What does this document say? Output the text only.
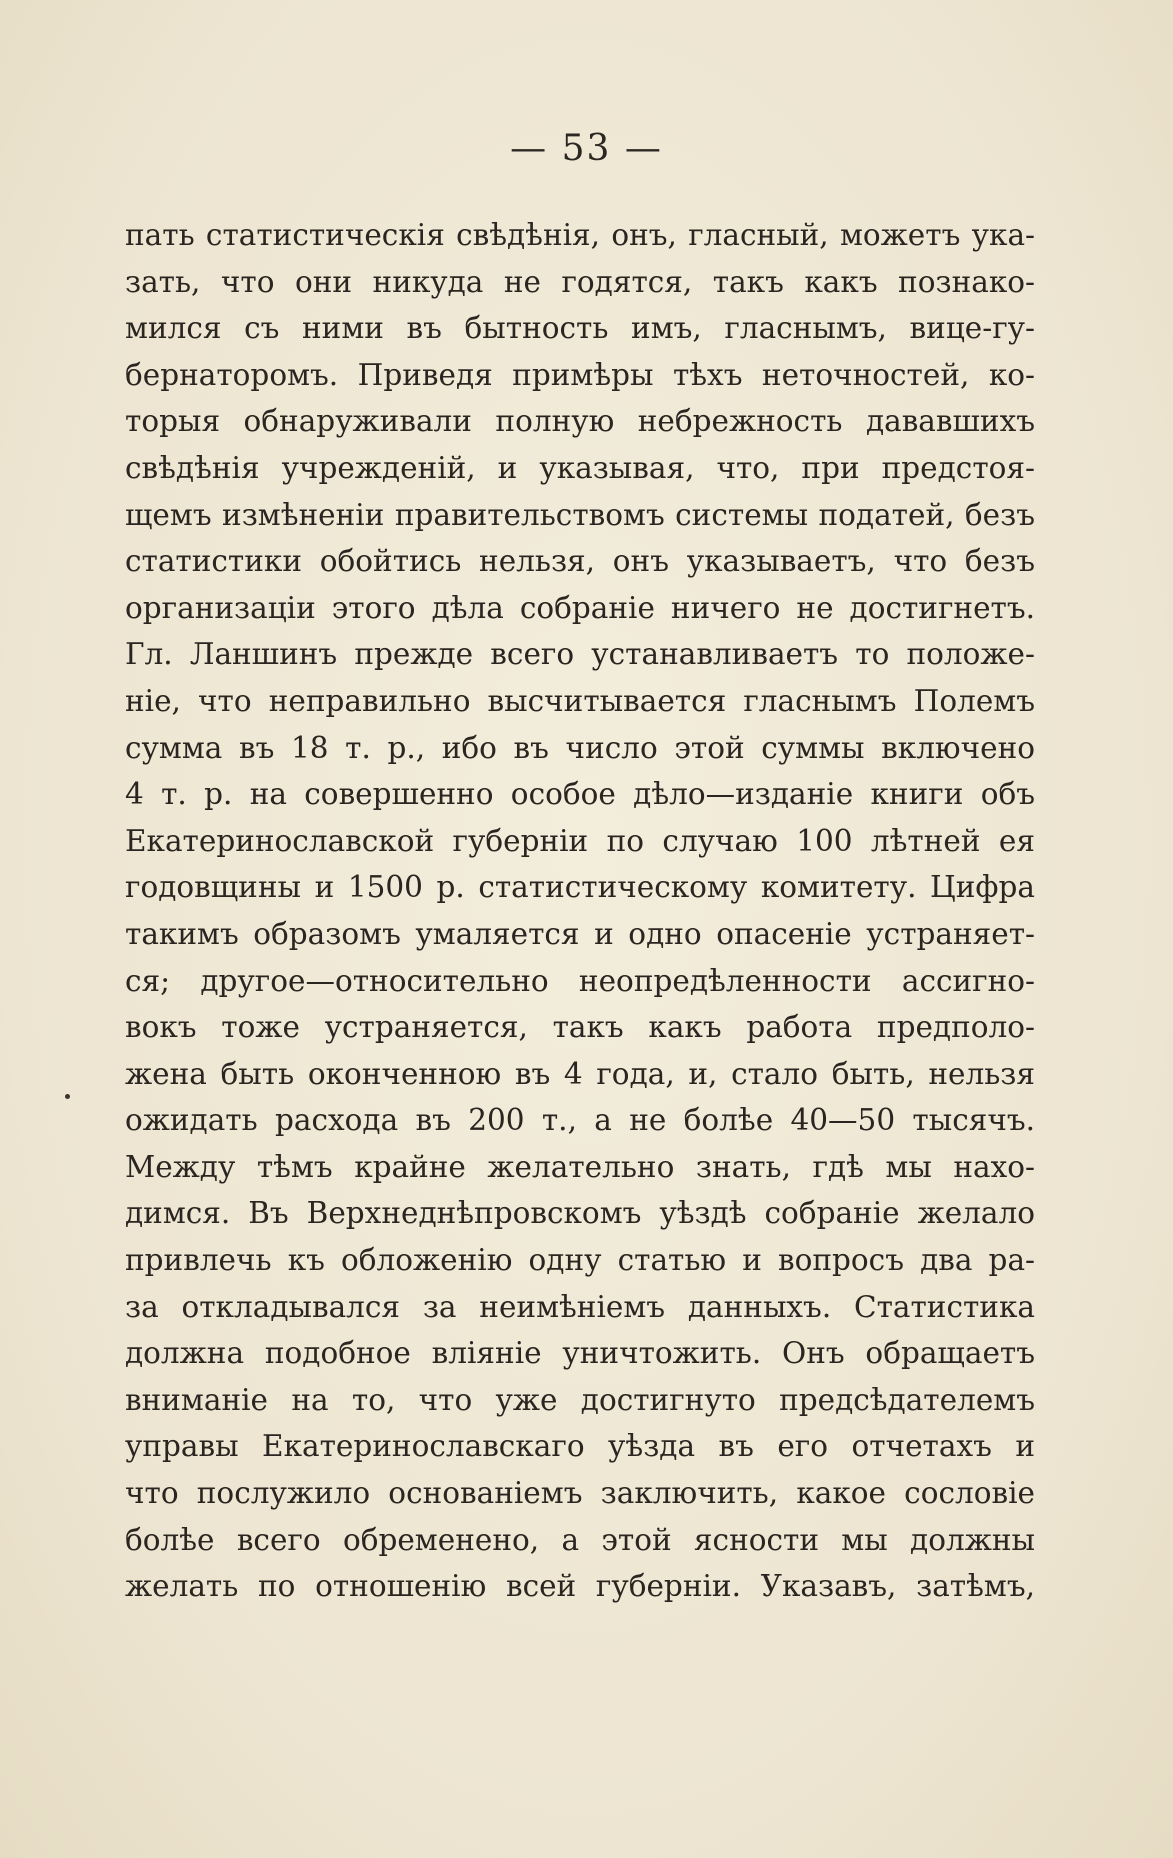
— 53 —
пать статистическія свѣдѣнія, онъ, гласный, можетъ ука-
зать, что они никуда не годятся, такъ какъ познако-
мился съ ними въ бытность имъ, гласнымъ, вице-гу-
бернаторомъ. Приведя примѣры тѣхъ неточностей, ко-
торыя обнаруживали полную небрежность дававшихъ
свѣдѣнія учрежденій, и указывая, что, при предстоя-
щемъ измѣненіи правительствомъ системы податей, безъ
статистики обойтись нельзя, онъ указываетъ, что безъ
организаціи этого дѣла собраніе ничего не достигнетъ.
Гл. Ланшинъ прежде всего устанавливаетъ то положе-
ніе, что неправильно высчитывается гласнымъ Полемъ
сумма въ 18 т. р., ибо въ число этой суммы включено
4 т. р. на совершенно особое дѣло—изданіе книги объ
Екатеринославской губерніи по случаю 100 лѣтней ея
годовщины и 1500 р. статистическому комитету. Цифра
такимъ образомъ умаляется и одно опасеніе устраняет-
ся; другое—относительно неопредѣленности ассигно-
вокъ тоже устраняется, такъ какъ работа предполо-
жена быть оконченною въ 4 года, и, стало быть, нельзя
ожидать расхода въ 200 т., а не болѣе 40—50 тысячъ.
Между тѣмъ крайне желательно знать, гдѣ мы нахо-
димся. Въ Верхнеднѣпровскомъ уѣздѣ собраніе желало
привлечь къ обложенію одну статью и вопросъ два ра-
за откладывался за неимѣніемъ данныхъ. Статистика
должна подобное вліяніе уничтожить. Онъ обращаетъ
вниманіе на то, что уже достигнуто предсѣдателемъ
управы Екатеринославскаго уѣзда въ его отчетахъ и
что послужило основаніемъ заключить, какое сословіе
болѣе всего обременено, а этой ясности мы должны
желать по отношенію всей губерніи. Указавъ, затѣмъ,
